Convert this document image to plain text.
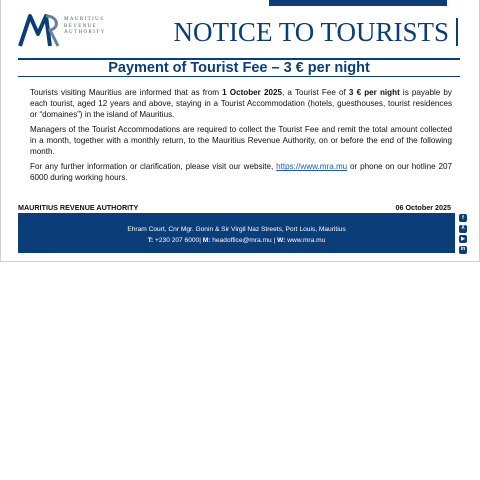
MAURITIUS
REVENUE
AUTHORITY	NOTICE TO TOURISTS
Payment of Tourist Fee – 3 € per night

Tourists visiting Mauritius are informed that as from 1 October 2025, a Tourist Fee of 3 € per night is payable by each tourist, aged 12 years and above, staying in a Tourist Accommodation (hotels, guesthouses, tourist residences or “domaines”) in the island of Mauritius.

Managers of the Tourist Accommodations are required to collect the Tourist Fee and remit the total amount collected in a month, together with a monthly return, to the Mauritius Revenue Authority, on or before the end of the following month.

For any further information or clarification, please visit our website, https://www.mra.mu or phone on our hotline 207 6000 during working hours.

MAURITIUS REVENUE AUTHORITY	06 October 2025
Ehram Court, Cnr Mgr. Gonin & Sir Virgil Naz Streets, Port Louis, Mauritius
T: +230 207 6000| M: headoffice@mra.mu | W: www.mra.mu
f
X
▶
in
